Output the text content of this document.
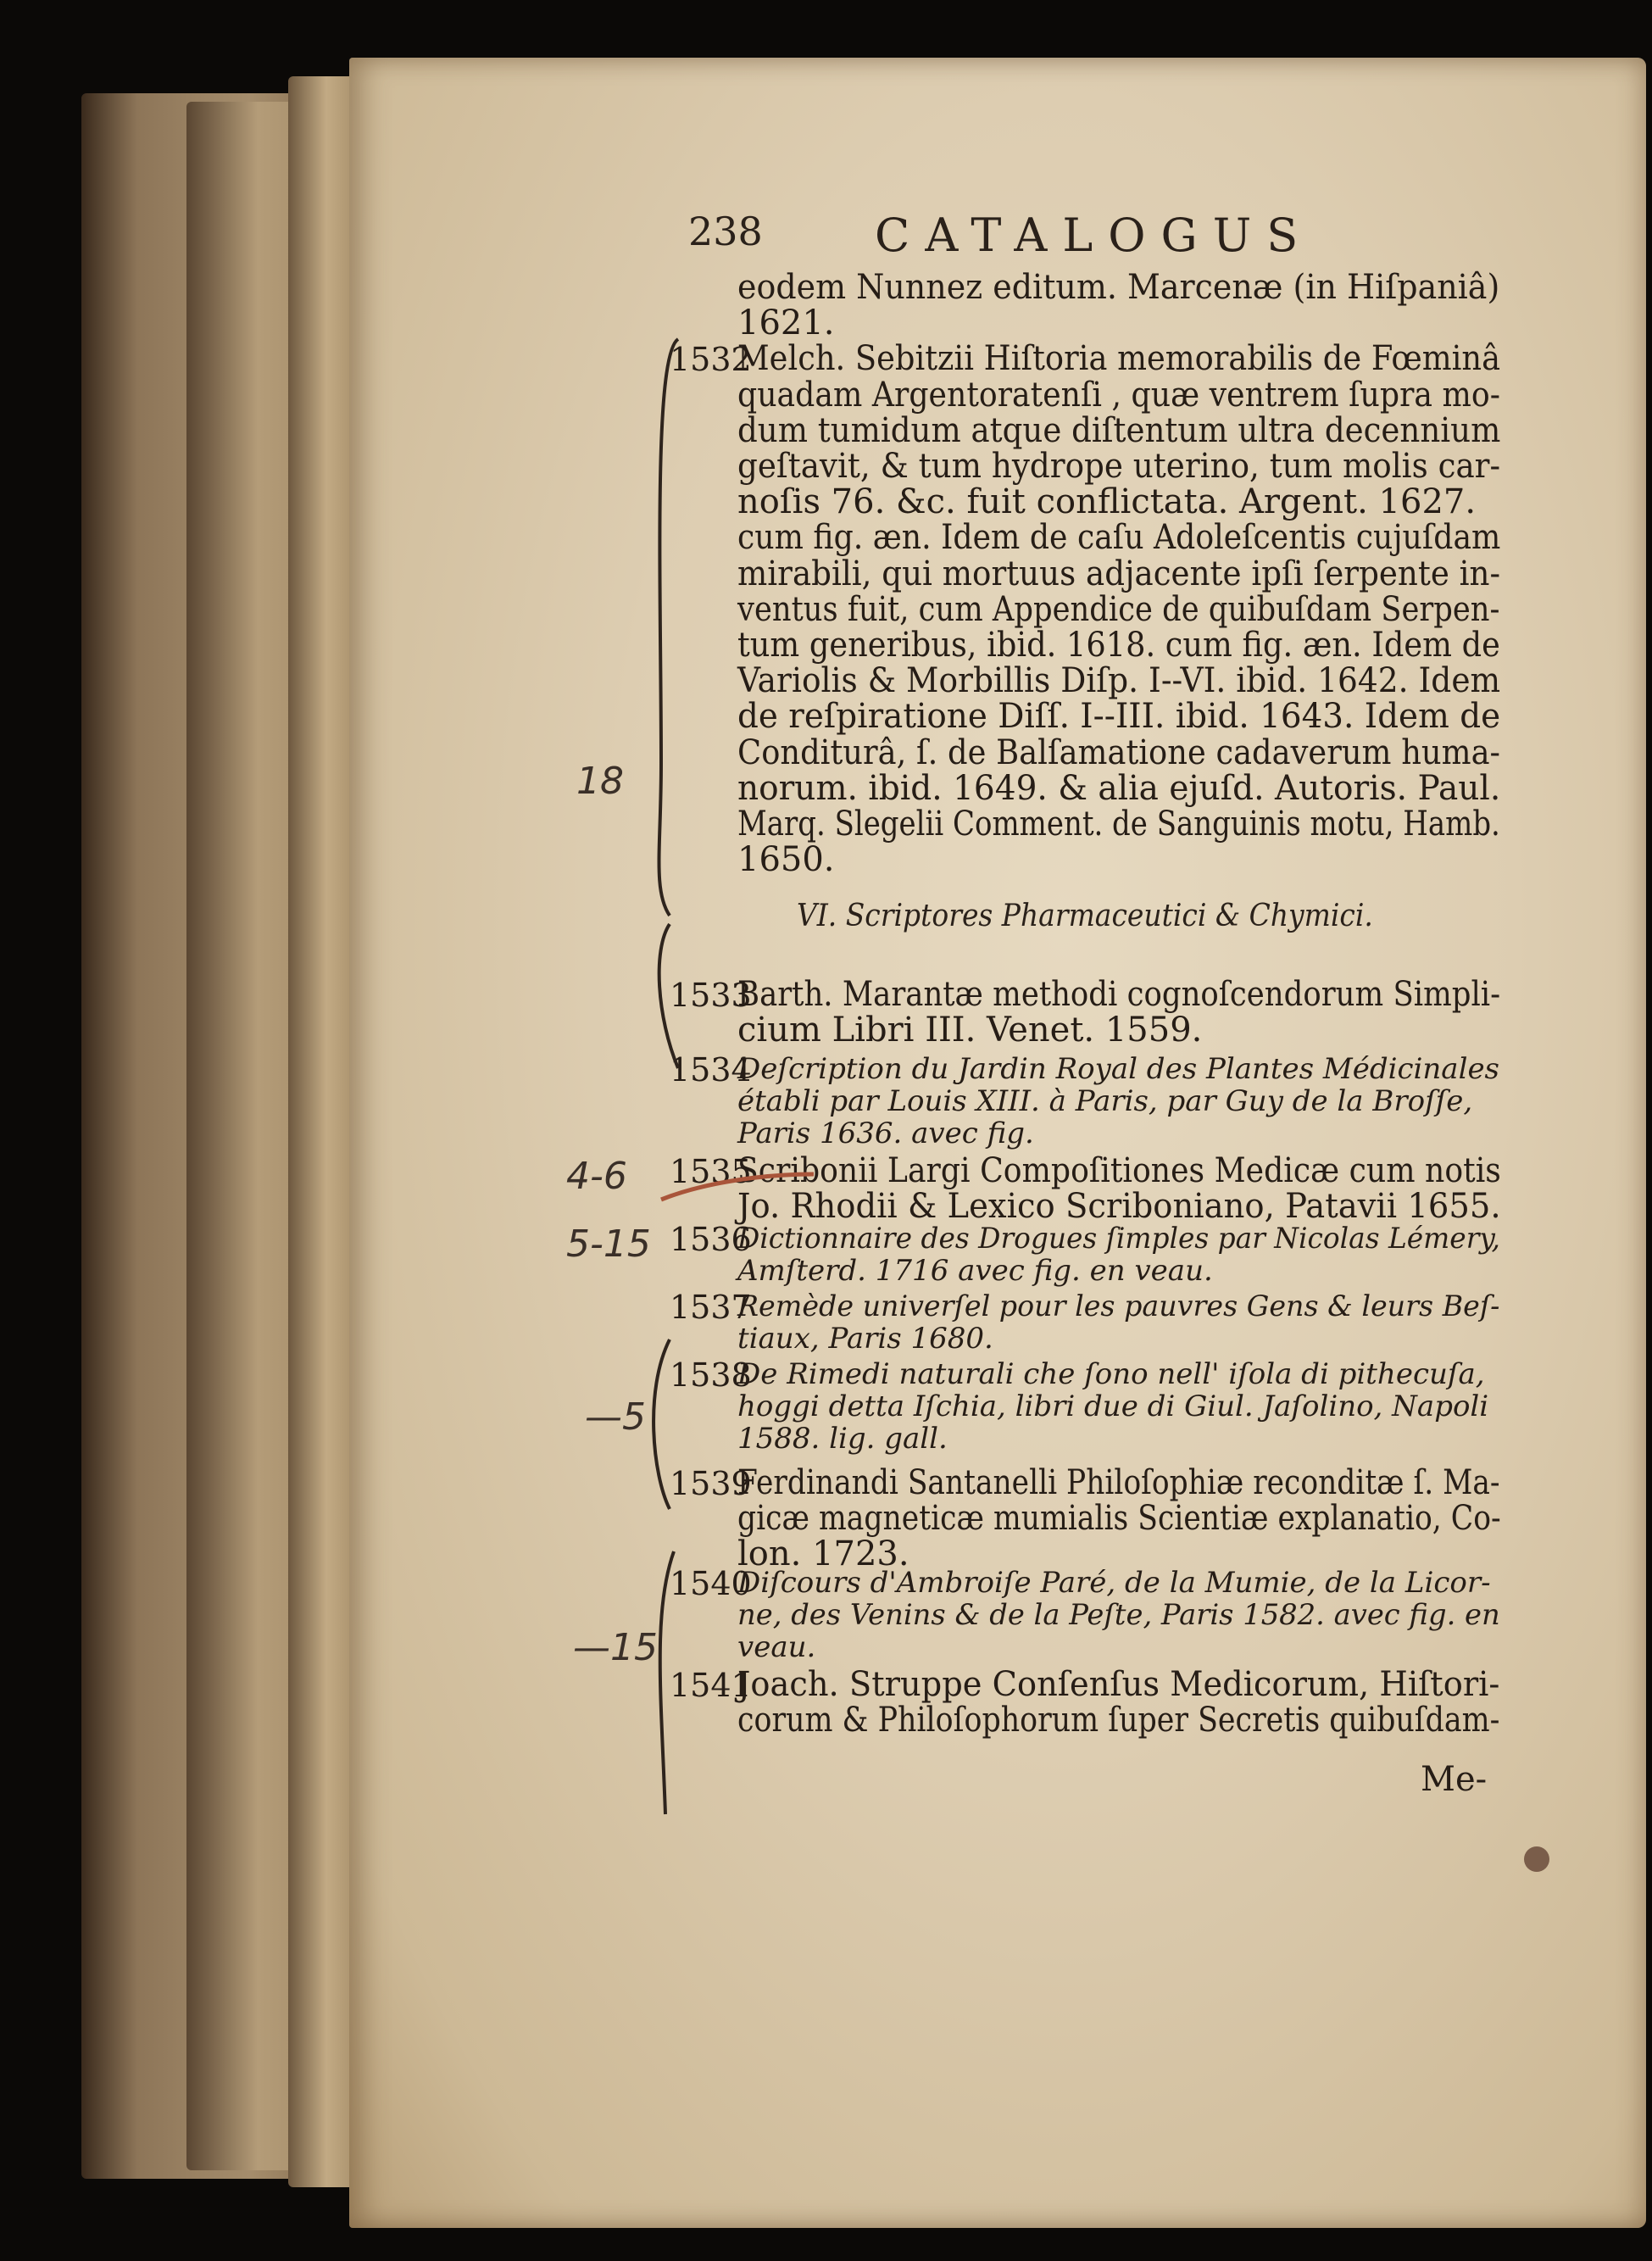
238 CATALOGUS
eodem Nunnez editum. Marcenæ (in Hiſpaniâ)
1621.
Melch. Sebitzii Hiſtoria memorabilis de Fœminâ
quadam Argentoratenſi , quæ ventrem ſupra mo-
dum tumidum atque diſtentum ultra decennium
geſtavit, & tum hydrope uterino, tum molis car-
noſis 76. &c. fuit conflictata. Argent. 1627.
cum fig. æn. Idem de caſu Adoleſcentis cujuſdam
mirabili, qui mortuus adjacente ipſi ſerpente in-
ventus fuit, cum Appendice de quibuſdam Serpen-
tum generibus, ibid. 1618. cum fig. æn. Idem de
Variolis & Morbillis Diſp. I--VI. ibid. 1642. Idem
de reſpiratione Diſſ. I--III. ibid. 1643. Idem de
Conditurâ, ſ. de Balſamatione cadaverum huma-
norum. ibid. 1649. & alia ejuſd. Autoris. Paul.
Marq. Slegelii Comment. de Sanguinis motu, Hamb.
1650.
1532
VI. Scriptores Pharmaceutici & Chymici.
1533
Barth. Marantæ methodi cognoſcendorum Simpli-
cium Libri III. Venet. 1559.
1534
Deſcription du Jardin Royal des Plantes Médicinales
établi par Louis XIII. à Paris, par Guy de la Broſſe,
Paris 1636. avec fig.
1535
Scribonii Largi Compoſitiones Medicæ cum notis
Jo. Rhodii & Lexico Scriboniano, Patavii 1655.
1536
Dictionnaire des Drogues ſimples par Nicolas Lémery,
Amſterd. 1716 avec fig. en veau.
1537
Remède univerſel pour les pauvres Gens & leurs Beſ-
tiaux, Paris 1680.
1538
De Rimedi naturali che ſono nell' iſola di pithecuſa,
hoggi detta Iſchia, libri due di Giul. Jaſolino, Napoli
1588. lig. gall.
1539
Ferdinandi Santanelli Philoſophiæ reconditæ ſ. Ma-
gicæ magneticæ mumialis Scientiæ explanatio, Co-
lon. 1723.
1540
Diſcours d'Ambroiſe Paré, de la Mumie, de la Licor-
ne, des Venins & de la Peſte, Paris 1582. avec fig. en
veau.
1541
Joach. Struppe Conſenſus Medicorum, Hiſtori-
corum & Philoſophorum ſuper Secretis quibuſdam-
Me-
18
4-6
5-15
—5
—15
